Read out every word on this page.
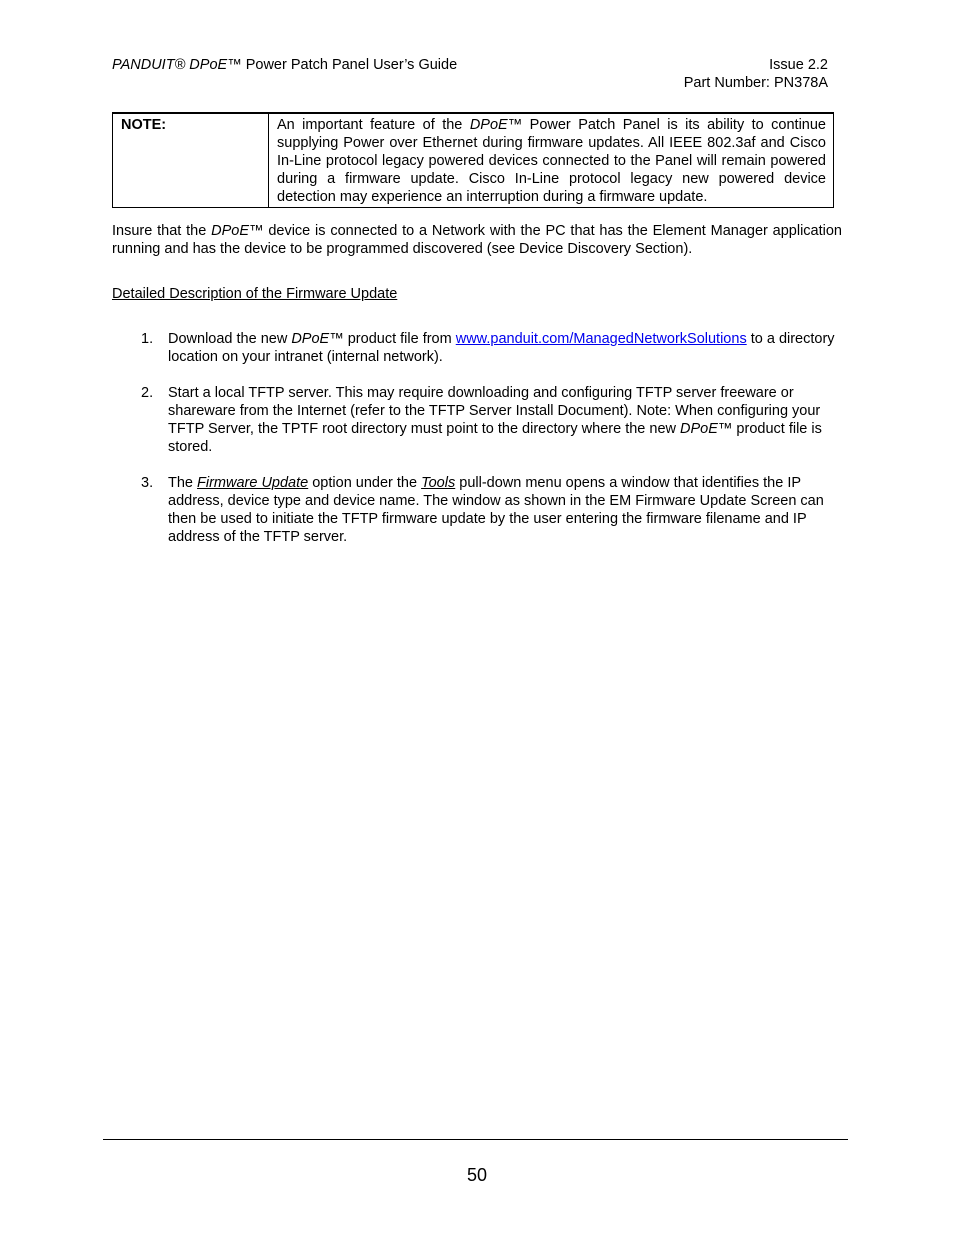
PANDUIT® DPoE™ Power Patch Panel User’s Guide	Issue 2.2
Part Number: PN378A
NOTE:	An important feature of the DPoE™ Power Patch Panel is its ability to continue supplying Power over Ethernet during firmware updates. All IEEE 802.3af and Cisco In-Line protocol legacy powered devices connected to the Panel will remain powered during a firmware update. Cisco In-Line protocol legacy new powered device detection may experience an interruption during a firmware update.
Insure that the DPoE™ device is connected to a Network with the PC that has the Element Manager application running and has the device to be programmed discovered (see Device Discovery Section).
Detailed Description of the Firmware Update
1. Download the new DPoE™ product file from www.panduit.com/ManagedNetworkSolutions to a directory location on your intranet (internal network).
2. Start a local TFTP server. This may require downloading and configuring TFTP server freeware or shareware from the Internet (refer to the TFTP Server Install Document). Note: When configuring your TFTP Server, the TPTF root directory must point to the directory where the new DPoE™ product file is stored.
3. The Firmware Update option under the Tools pull-down menu opens a window that identifies the IP address, device type and device name. The window as shown in the EM Firmware Update Screen can then be used to initiate the TFTP firmware update by the user entering the firmware filename and IP address of the TFTP server.
50
